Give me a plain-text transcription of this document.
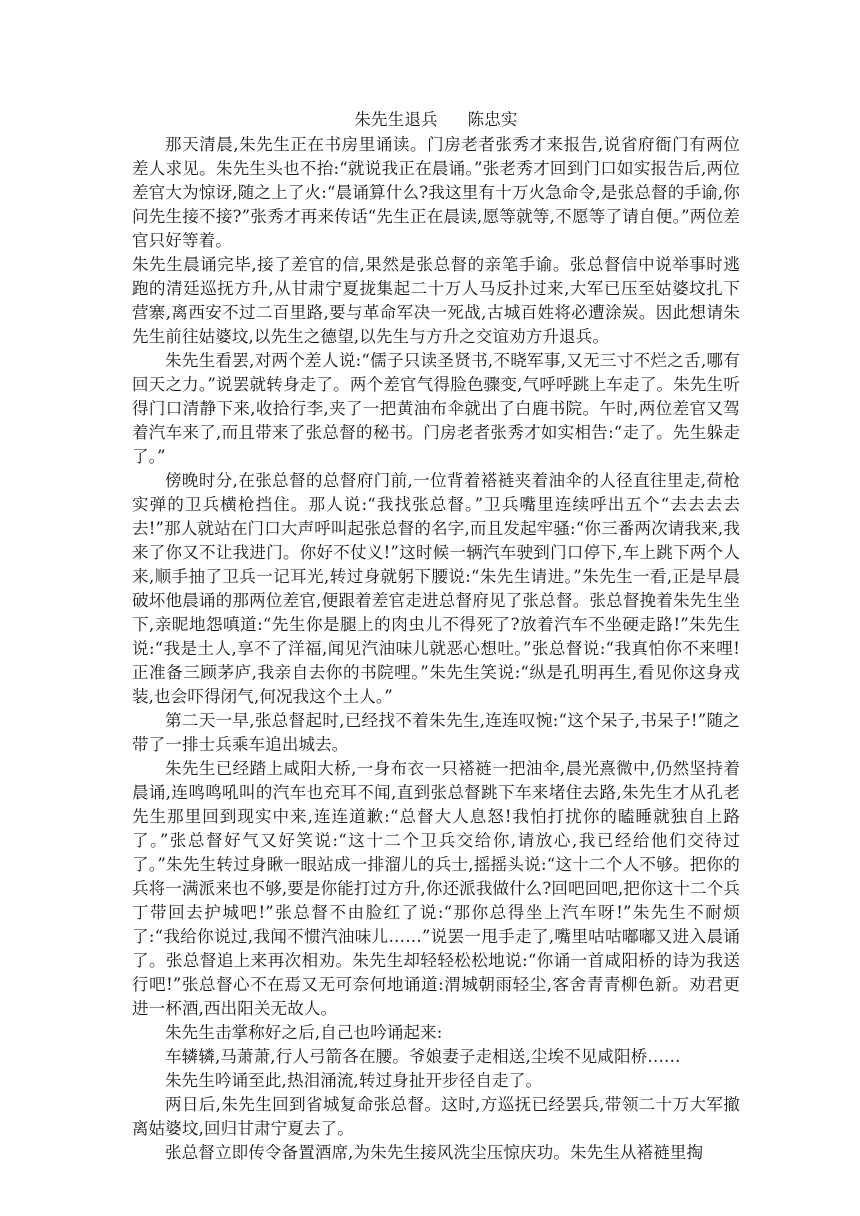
朱先生退兵 陈忠实

那天清晨,朱先生正在书房里诵读。门房老者张秀才来报告,说省府衙门有两位差人求见。朱先生头也不抬:“就说我正在晨诵。”张老秀才回到门口如实报告后,两位差官大为惊讶,随之上了火:“晨诵算什么?我这里有十万火急命令,是张总督的手谕,你问先生接不接?”张秀才再来传话“先生正在晨读,愿等就等,不愿等了请自便。”两位差官只好等着。

朱先生晨诵完毕,接了差官的信,果然是张总督的亲笔手谕。张总督信中说举事时逃跑的清廷巡抚方升,从甘肃宁夏拢集起二十万人马反扑过来,大军已压至姑婆坟扎下营寨,离西安不过二百里路,要与革命军决一死战,古城百姓将必遭涂炭。因此想请朱先生前往姑婆坟,以先生之德望,以先生与方升之交谊劝方升退兵。

朱先生看罢,对两个差人说:“儒子只读圣贤书,不晓军事,又无三寸不烂之舌,哪有回天之力。”说罢就转身走了。两个差官气得脸色骤变,气呼呼跳上车走了。朱先生听得门口清静下来,收拾行李,夹了一把黄油布伞就出了白鹿书院。午时,两位差官又驾着汽车来了,而且带来了张总督的秘书。门房老者张秀才如实相告:“走了。先生躲走了。”

傍晚时分,在张总督的总督府门前,一位背着褡裢夹着油伞的人径直往里走,荷枪实弹的卫兵横枪挡住。那人说:“我找张总督。”卫兵嘴里连续呼出五个“去去去去去!”那人就站在门口大声呼叫起张总督的名字,而且发起牢骚:“你三番两次请我来,我来了你又不让我进门。你好不仗义!”这时候一辆汽车驶到门口停下,车上跳下两个人来,顺手抽了卫兵一记耳光,转过身就躬下腰说:“朱先生请进。”朱先生一看,正是早晨破坏他晨诵的那两位差官,便跟着差官走进总督府见了张总督。张总督挽着朱先生坐下,亲昵地怨嗔道:“先生你是腿上的肉虫儿不得死了?放着汽车不坐硬走路!”朱先生说:“我是土人,享不了洋福,闻见汽油味儿就恶心想吐。”张总督说:“我真怕你不来哩!正准备三顾茅庐,我亲自去你的书院哩。”朱先生笑说:“纵是孔明再生,看见你这身戎装,也会吓得闭气,何况我这个土人。”

第二天一早,张总督起时,已经找不着朱先生,连连叹惋:“这个呆子,书呆子!”随之带了一排士兵乘车追出城去。

朱先生已经踏上咸阳大桥,一身布衣一只褡裢一把油伞,晨光熹微中,仍然坚持着晨诵,连鸣鸣吼叫的汽车也充耳不闻,直到张总督跳下车来堵住去路,朱先生才从孔老先生那里回到现实中来,连连道歉:“总督大人息怒!我怕打扰你的瞌睡就独自上路了。”张总督好气又好笑说:“这十二个卫兵交给你,请放心,我已经给他们交待过了。”朱先生转过身瞅一眼站成一排溜儿的兵士,摇摇头说:“这十二个人不够。把你的兵将一满派来也不够,要是你能打过方升,你还派我做什么?回吧回吧,把你这十二个兵丁带回去护城吧!”张总督不由脸红了说:“那你总得坐上汽车呀!”朱先生不耐烦了:“我给你说过,我闻不惯汽油味儿……”说罢一甩手走了,嘴里咕咕嘟嘟又进入晨诵了。张总督追上来再次相劝。朱先生却轻轻松松地说:“你诵一首咸阳桥的诗为我送行吧!”张总督心不在焉又无可奈何地诵道:渭城朝雨轻尘,客舍青青柳色新。劝君更进一杯酒,西出阳关无故人。

朱先生击掌称好之后,自己也吟诵起来:

车辚辚,马萧萧,行人弓箭各在腰。爷娘妻子走相送,尘埃不见咸阳桥……

朱先生吟诵至此,热泪涌流,转过身扯开步径自走了。

两日后,朱先生回到省城复命张总督。这时,方巡抚已经罢兵,带领二十万大军撤离姑婆坟,回归甘肃宁夏去了。

张总督立即传令备置酒席,为朱先生接风洗尘压惊庆功。朱先生从褡裢里掏
